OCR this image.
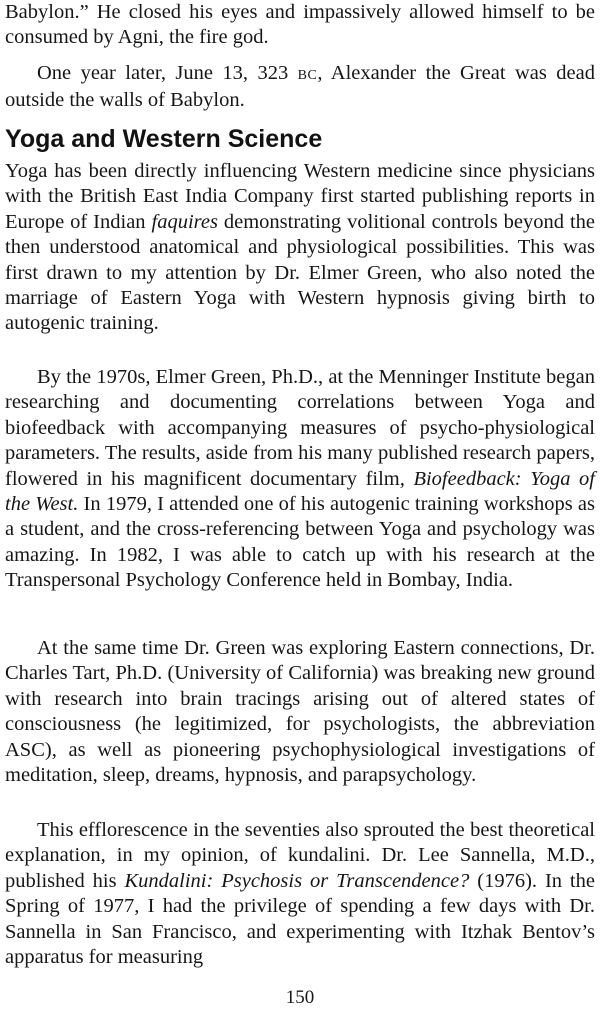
Babylon.” He closed his eyes and impassively allowed himself to be consumed by Agni, the fire god.

One year later, June 13, 323 BC, Alexander the Great was dead outside the walls of Babylon.

Yoga and Western Science

Yoga has been directly influencing Western medicine since physicians with the British East India Company first started publishing reports in Europe of Indian faquires demonstrating volitional controls beyond the then understood anatomical and physiological possibilities. This was first drawn to my attention by Dr. Elmer Green, who also noted the marriage of Eastern Yoga with Western hypnosis giving birth to autogenic training.

By the 1970s, Elmer Green, Ph.D., at the Menninger Institute began researching and documenting correlations between Yoga and biofeedback with accompanying measures of psycho-physiological parameters. The results, aside from his many published research papers, flowered in his magnificent documentary film, Biofeedback: Yoga of the West. In 1979, I attended one of his autogenic training workshops as a student, and the cross-referencing between Yoga and psychology was amazing. In 1982, I was able to catch up with his research at the Transpersonal Psychology Conference held in Bombay, India.

At the same time Dr. Green was exploring Eastern connections, Dr. Charles Tart, Ph.D. (University of California) was breaking new ground with research into brain tracings arising out of altered states of consciousness (he legitimized, for psychologists, the abbreviation ASC), as well as pioneering psychophysiological investigations of meditation, sleep, dreams, hypnosis, and parapsychology.

This efflorescence in the seventies also sprouted the best theoretical explanation, in my opinion, of kundalini. Dr. Lee Sannella, M.D., published his Kundalini: Psychosis or Transcendence? (1976). In the Spring of 1977, I had the privilege of spending a few days with Dr. Sannella in San Francisco, and experimenting with Itzhak Bentov’s apparatus for measuring

150
